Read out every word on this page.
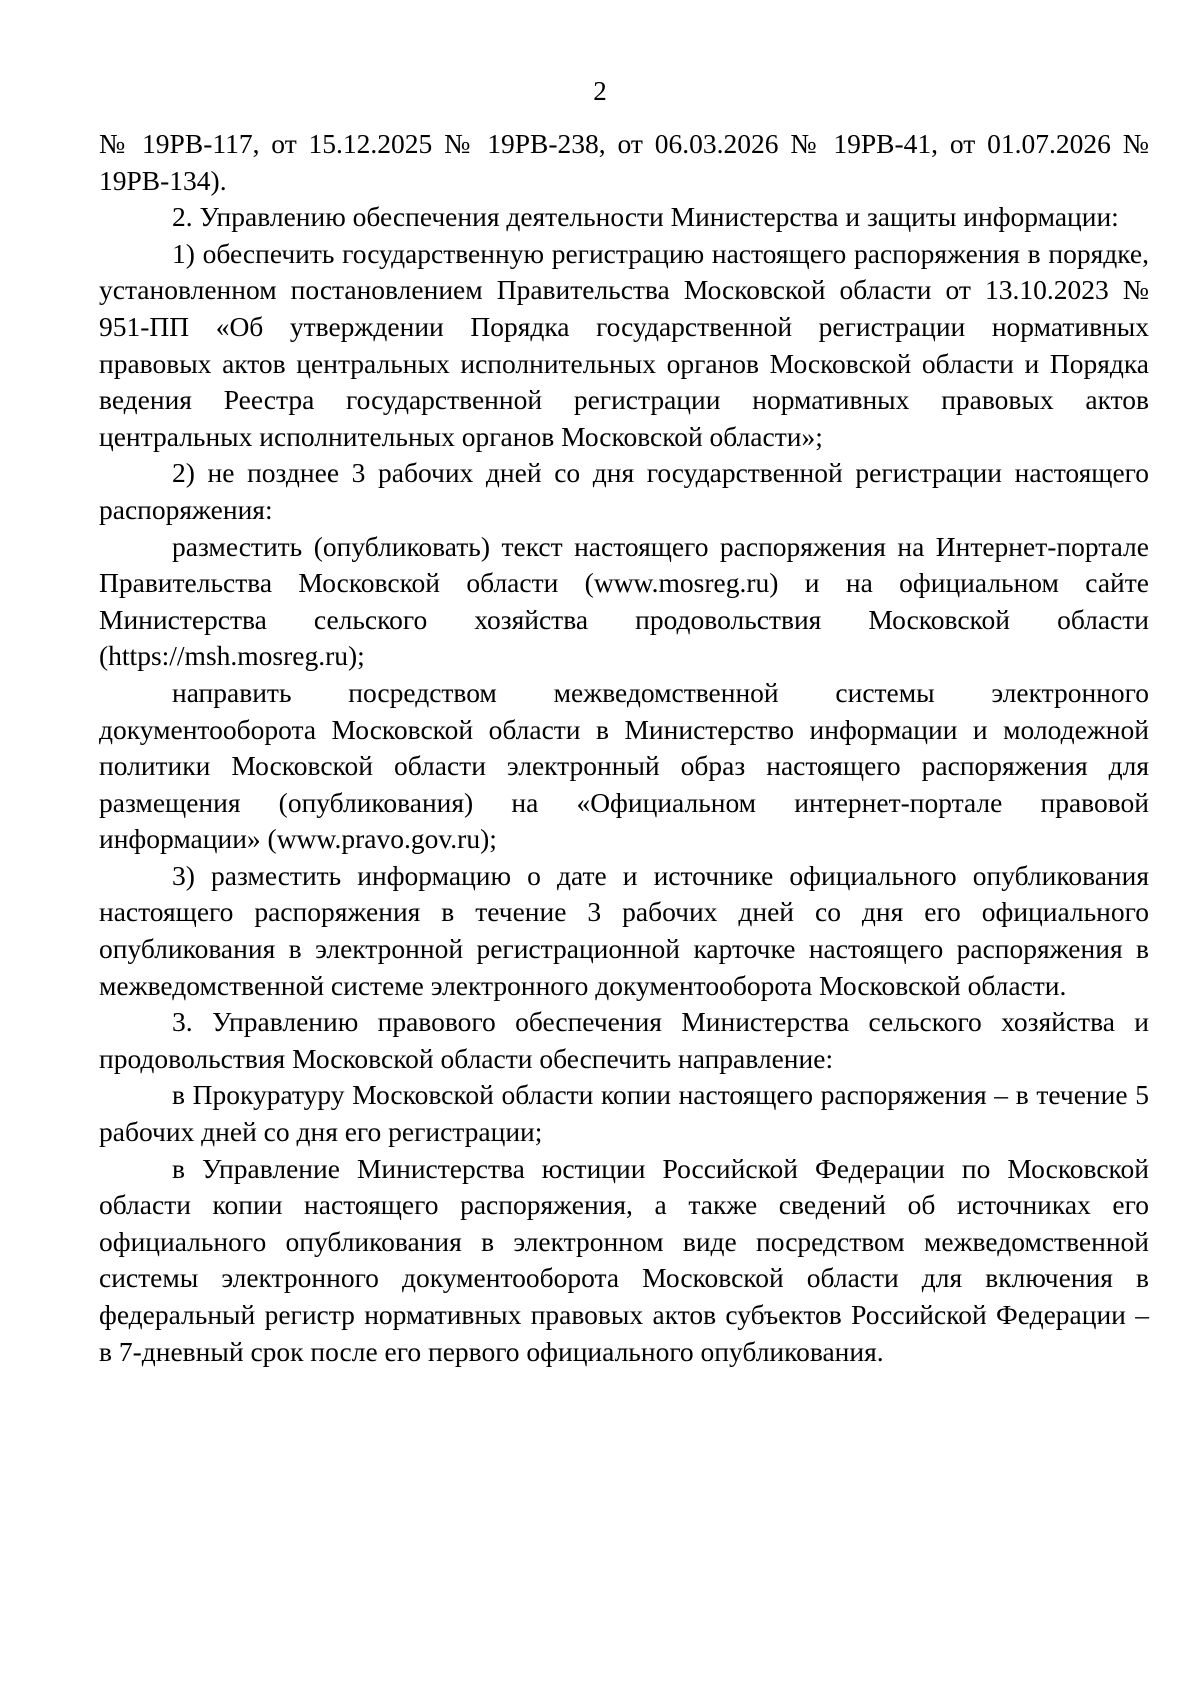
2

№ 19РВ-117, от 15.12.2025 № 19РВ-238, от 06.03.2026 № 19РВ-41, от 01.07.2026 № 19РВ-134).

2. Управлению обеспечения деятельности Министерства и защиты информации:

1) обеспечить государственную регистрацию настоящего распоряжения в порядке, установленном постановлением Правительства Московской области от 13.10.2023 № 951-ПП «Об утверждении Порядка государственной регистрации нормативных правовых актов центральных исполнительных органов Московской области и Порядка ведения Реестра государственной регистрации нормативных правовых актов центральных исполнительных органов Московской области»;

2) не позднее 3 рабочих дней со дня государственной регистрации настоящего распоряжения:

разместить (опубликовать) текст настоящего распоряжения на Интернет-портале Правительства Московской области (www.mosreg.ru) и на официальном сайте Министерства сельского хозяйства продовольствия Московской области (https://msh.mosreg.ru);

направить посредством межведомственной системы электронного документооборота Московской области в Министерство информации и молодежной политики Московской области электронный образ настоящего распоряжения для размещения (опубликования) на «Официальном интернет-портале правовой информации» (www.pravo.gov.ru);

3) разместить информацию о дате и источнике официального опубликования настоящего распоряжения в течение 3 рабочих дней со дня его официального опубликования в электронной регистрационной карточке настоящего распоряжения в межведомственной системе электронного документооборота Московской области.

3. Управлению правового обеспечения Министерства сельского хозяйства и продовольствия Московской области обеспечить направление:

в Прокуратуру Московской области копии настоящего распоряжения – в течение 5 рабочих дней со дня его регистрации;

в Управление Министерства юстиции Российской Федерации по Московской области копии настоящего распоряжения, а также сведений об источниках его официального опубликования в электронном виде посредством межведомственной системы электронного документооборота Московской области для включения в федеральный регистр нормативных правовых актов субъектов Российской Федерации – в 7-дневный срок после его первого официального опубликования.
